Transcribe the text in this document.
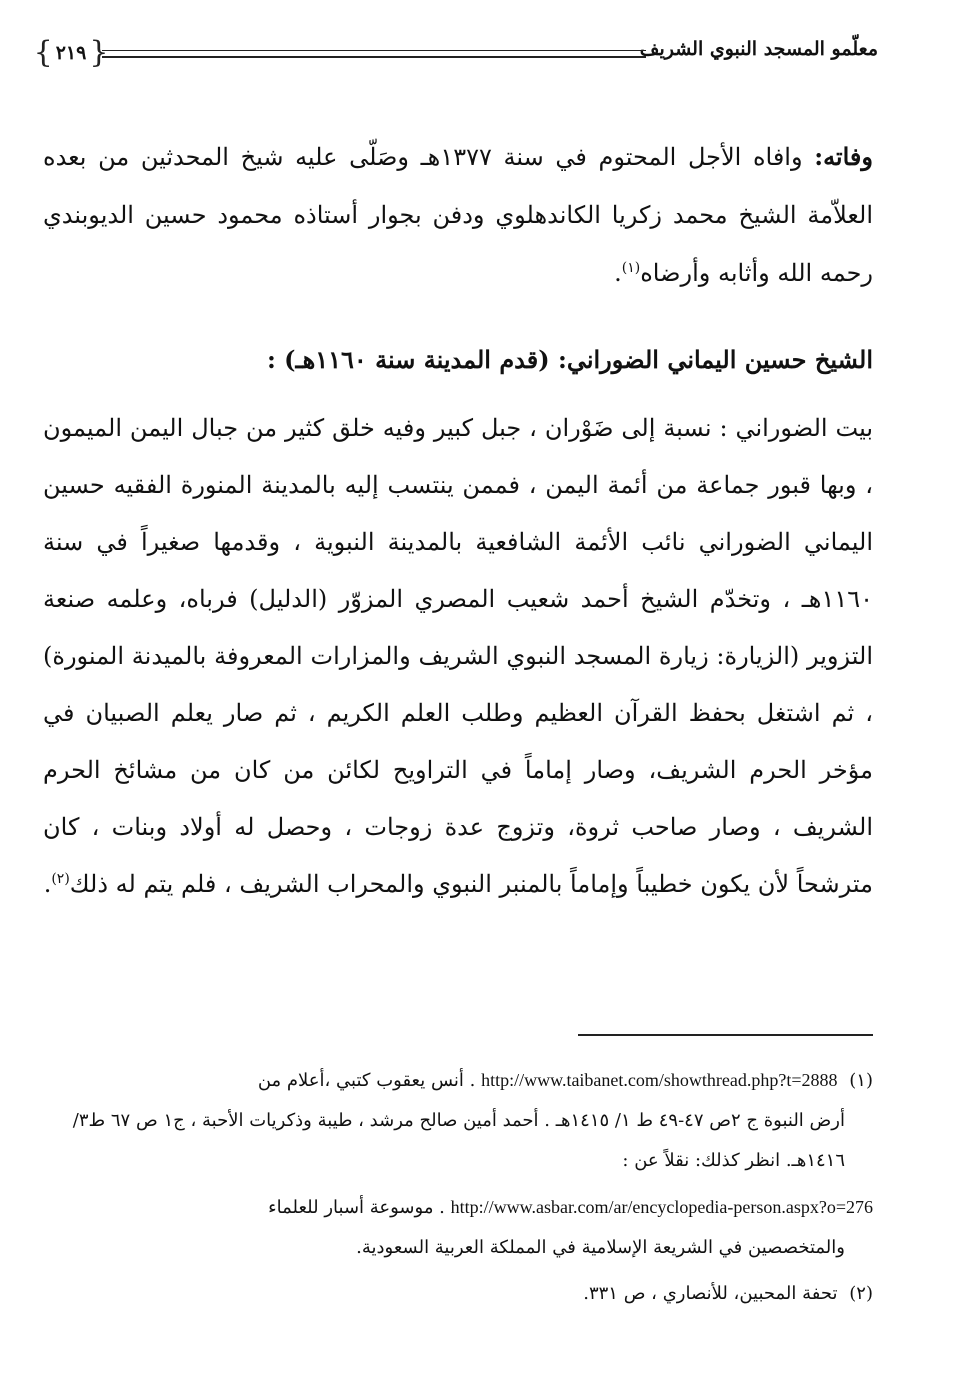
معلّمو المسجد النبوي الشريف
{
٢١٩
}

وفاته: وافاه الأجل المحتوم في سنة ١٣٧٧هـ وصَلّى عليه شيخ المحدثين من بعده العلاّمة الشيخ محمد زكريا الكاندهلوي ودفن بجوار أستاذه محمود حسين الديوبندي رحمه الله وأثابه وأرضاه$^{(١)}$.

الشيخ حسين اليماني الضوراني: (قدم المدينة سنة ١١٦٠هـ) :

بيت الضوراني : نسبة إلى ضَوْران ، جبل كبير وفيه خلق كثير من جبال اليمن الميمون ، وبها قبور جماعة من أئمة اليمن ، فممن ينتسب إليه بالمدينة المنورة الفقيه حسين اليماني الضوراني نائب الأئمة الشافعية بالمدينة النبوية ، وقدمها صغيراً في سنة ١١٦٠هـ ، وتخدّم الشيخ أحمد شعيب المصري المزوّر (الدليل) فرباه، وعلمه صنعة التزوير (الزيارة: زيارة المسجد النبوي الشريف والمزارات المعروفة بالميدنة المنورة) ، ثم اشتغل بحفظ القرآن العظيم وطلب العلم الكريم ، ثم صار يعلم الصبيان في مؤخر الحرم الشريف، وصار إماماً في التراويح لكائن من كان من مشائخ الحرم الشريف ، وصار صاحب ثروة، وتزوج عدة زوجات ، وحصل له أولاد وبنات ، كان مترشحاً لأن يكون خطيباً وإماماً بالمنبر النبوي والمحراب الشريف ، فلم يتم له ذلك$^{(٢)}$.

(١) http://www.taibanet.com/showthread.php?t=2888 . أنس يعقوب كتبي ،أعلام من
أرض النبوة ج ٢ص ٤٧-٤٩ ط ١/ ١٤١٥هـ . أحمد أمين صالح مرشد ، طيبة وذكريات الأحبة ، ج١ ص ٦٧ ط٣/ ١٤١٦هـ. انظر كذلك: نقلاً عن :

http://www.asbar.com/ar/encyclopedia-person.aspx?o=276 . موسوعة أسبار للعلماء
والمتخصصين في الشريعة الإسلامية في المملكة العربية السعودية.

(٢) تحفة المحبين، للأنصاري ، ص ٣٣١.
